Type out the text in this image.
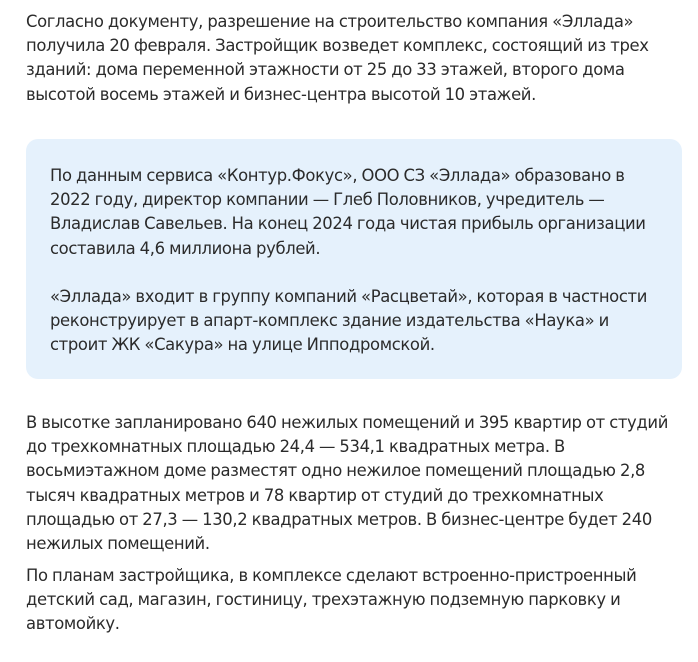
Согласно документу, разрешение на строительство компания «Эллада» получила 20 февраля. Застройщик возведет комплекс, состоящий из трех зданий: дома переменной этажности от 25 до 33 этажей, второго дома высотой восемь этажей и бизнес-центра высотой 10 этажей.

По данным сервиса «Контур.Фокус», ООО СЗ «Эллада» образовано в 2022 году, директор компании — Глеб Половников, учредитель — Владислав Савельев. На конец 2024 года чистая прибыль организации составила 4,6 миллиона рублей.

«Эллада» входит в группу компаний «Расцветай», которая в частности реконструирует в апарт-комплекс здание издательства «Наука» и строит ЖК «Сакура» на улице Ипподромской.

В высотке запланировано 640 нежилых помещений и 395 квартир от студий до трехкомнатных площадью 24,4 — 534,1 квадратных метра. В восьмиэтажном доме разместят одно нежилое помещений площадью 2,8 тысяч квадратных метров и 78 квартир от студий до трехкомнатных площадью от 27,3 — 130,2 квадратных метров. В бизнес-центре будет 240 нежилых помещений.

По планам застройщика, в комплексе сделают встроенно-пристроенный детский сад, магазин, гостиницу, трехэтажную подземную парковку и автомойку.
